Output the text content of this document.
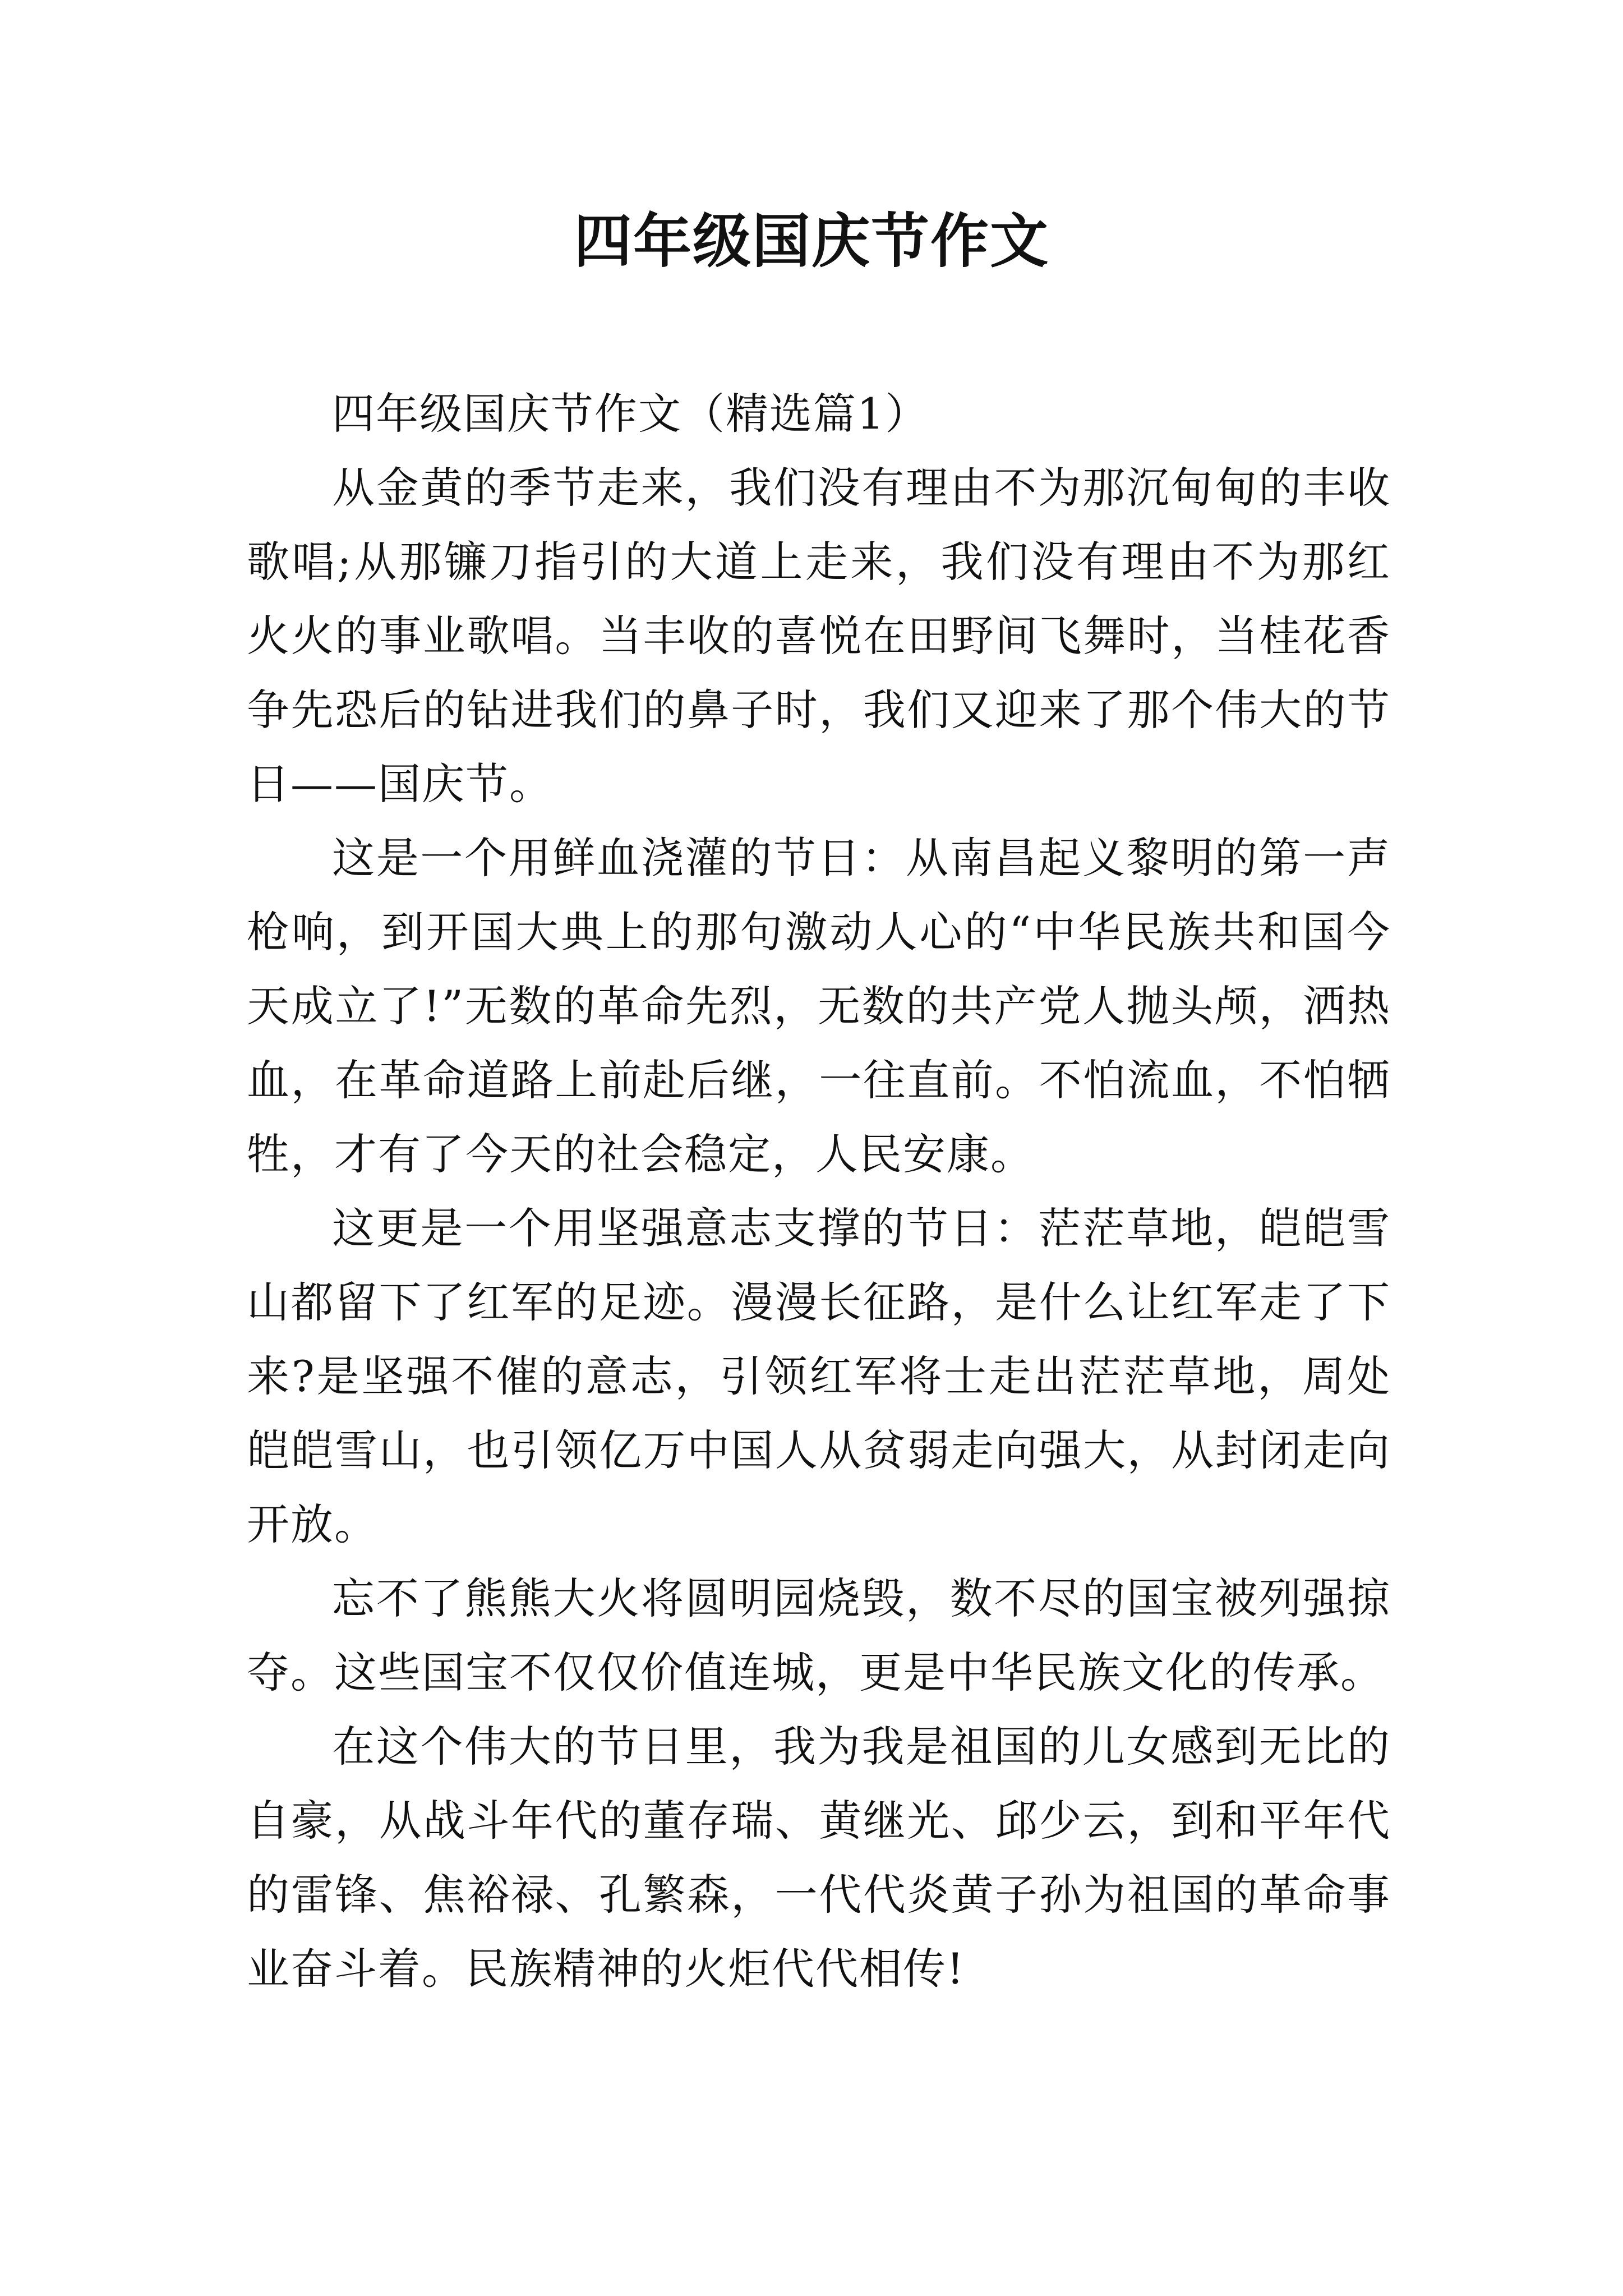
四年级国庆节作文

四年级国庆节作文（精选篇1）

从金黄的季节走来，我们没有理由不为那沉甸甸的丰收歌唱;从那镰刀指引的大道上走来，我们没有理由不为那红火火的事业歌唱。当丰收的喜悦在田野间飞舞时，当桂花香争先恐后的钻进我们的鼻子时，我们又迎来了那个伟大的节日——国庆节。

这是一个用鲜血浇灌的节日：从南昌起义黎明的第一声枪响，到开国大典上的那句激动人心的“中华民族共和国今天成立了!”无数的革命先烈，无数的共产党人抛头颅，洒热血，在革命道路上前赴后继，一往直前。不怕流血，不怕牺牲，才有了今天的社会稳定，人民安康。

这更是一个用坚强意志支撑的节日：茫茫草地，皑皑雪山都留下了红军的足迹。漫漫长征路，是什么让红军走了下来?是坚强不催的意志，引领红军将士走出茫茫草地，周处皑皑雪山，也引领亿万中国人从贫弱走向强大，从封闭走向开放。

忘不了熊熊大火将圆明园烧毁，数不尽的国宝被列强掠夺。这些国宝不仅仅价值连城，更是中华民族文化的传承。

在这个伟大的节日里，我为我是祖国的儿女感到无比的自豪，从战斗年代的董存瑞、黄继光、邱少云，到和平年代的雷锋、焦裕禄、孔繁森，一代代炎黄子孙为祖国的革命事业奋斗着。民族精神的火炬代代相传!
